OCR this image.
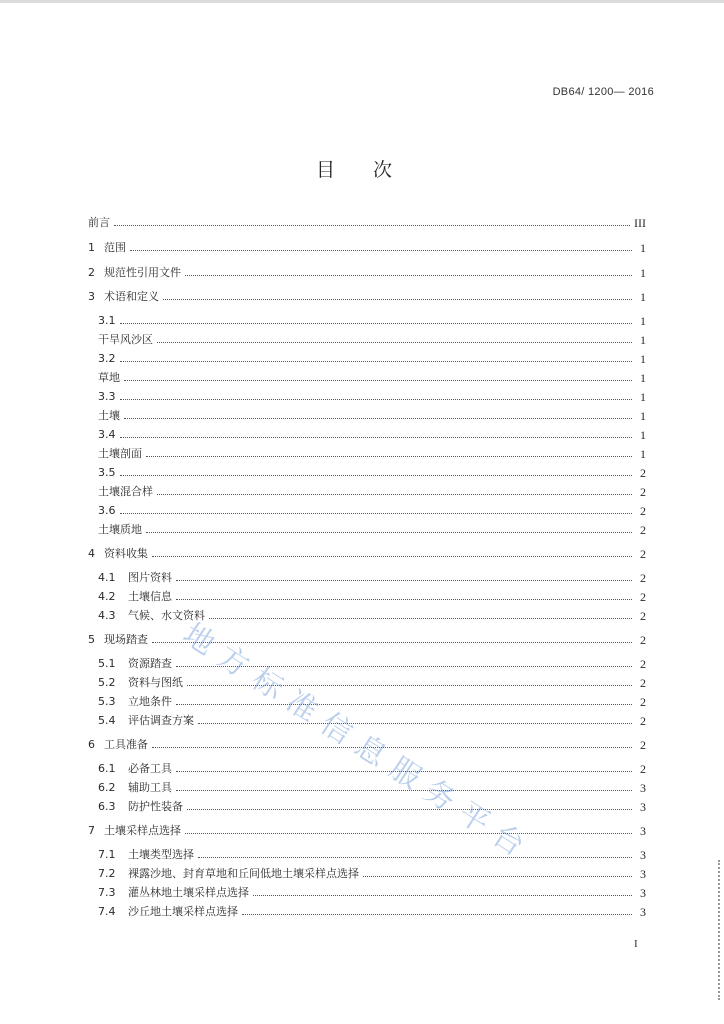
DB64/ 1200— 2016
目 次
前言	III
1 范围	1
2 规范性引用文件	1
3 术语和定义	1
3.1	1
干旱风沙区	1
3.2	1
草地	1
3.3	1
土壤	1
3.4	1
土壤剖面	1
3.5	2
土壤混合样	2
3.6	2
土壤质地	2
4 资料收集	2
4.1	图片资料	2
4.2	土壤信息	2
4.3	气候、水文资料	2
5 现场踏查	2
5.1	资源踏查	2
5.2	资料与图纸	2
5.3	立地条件	2
5.4	评估调查方案	2
6 工具准备	2
6.1	必备工具	2
6.2	辅助工具	3
6.3	防护性装备	3
7 土壤采样点选择	3
7.1	土壤类型选择	3
7.2	裸露沙地、封育草地和丘间低地土壤采样点选择	3
7.3	灌丛林地土壤采样点选择	3
7.4	沙丘地土壤采样点选择	3
I
地方标准信息服务平台
